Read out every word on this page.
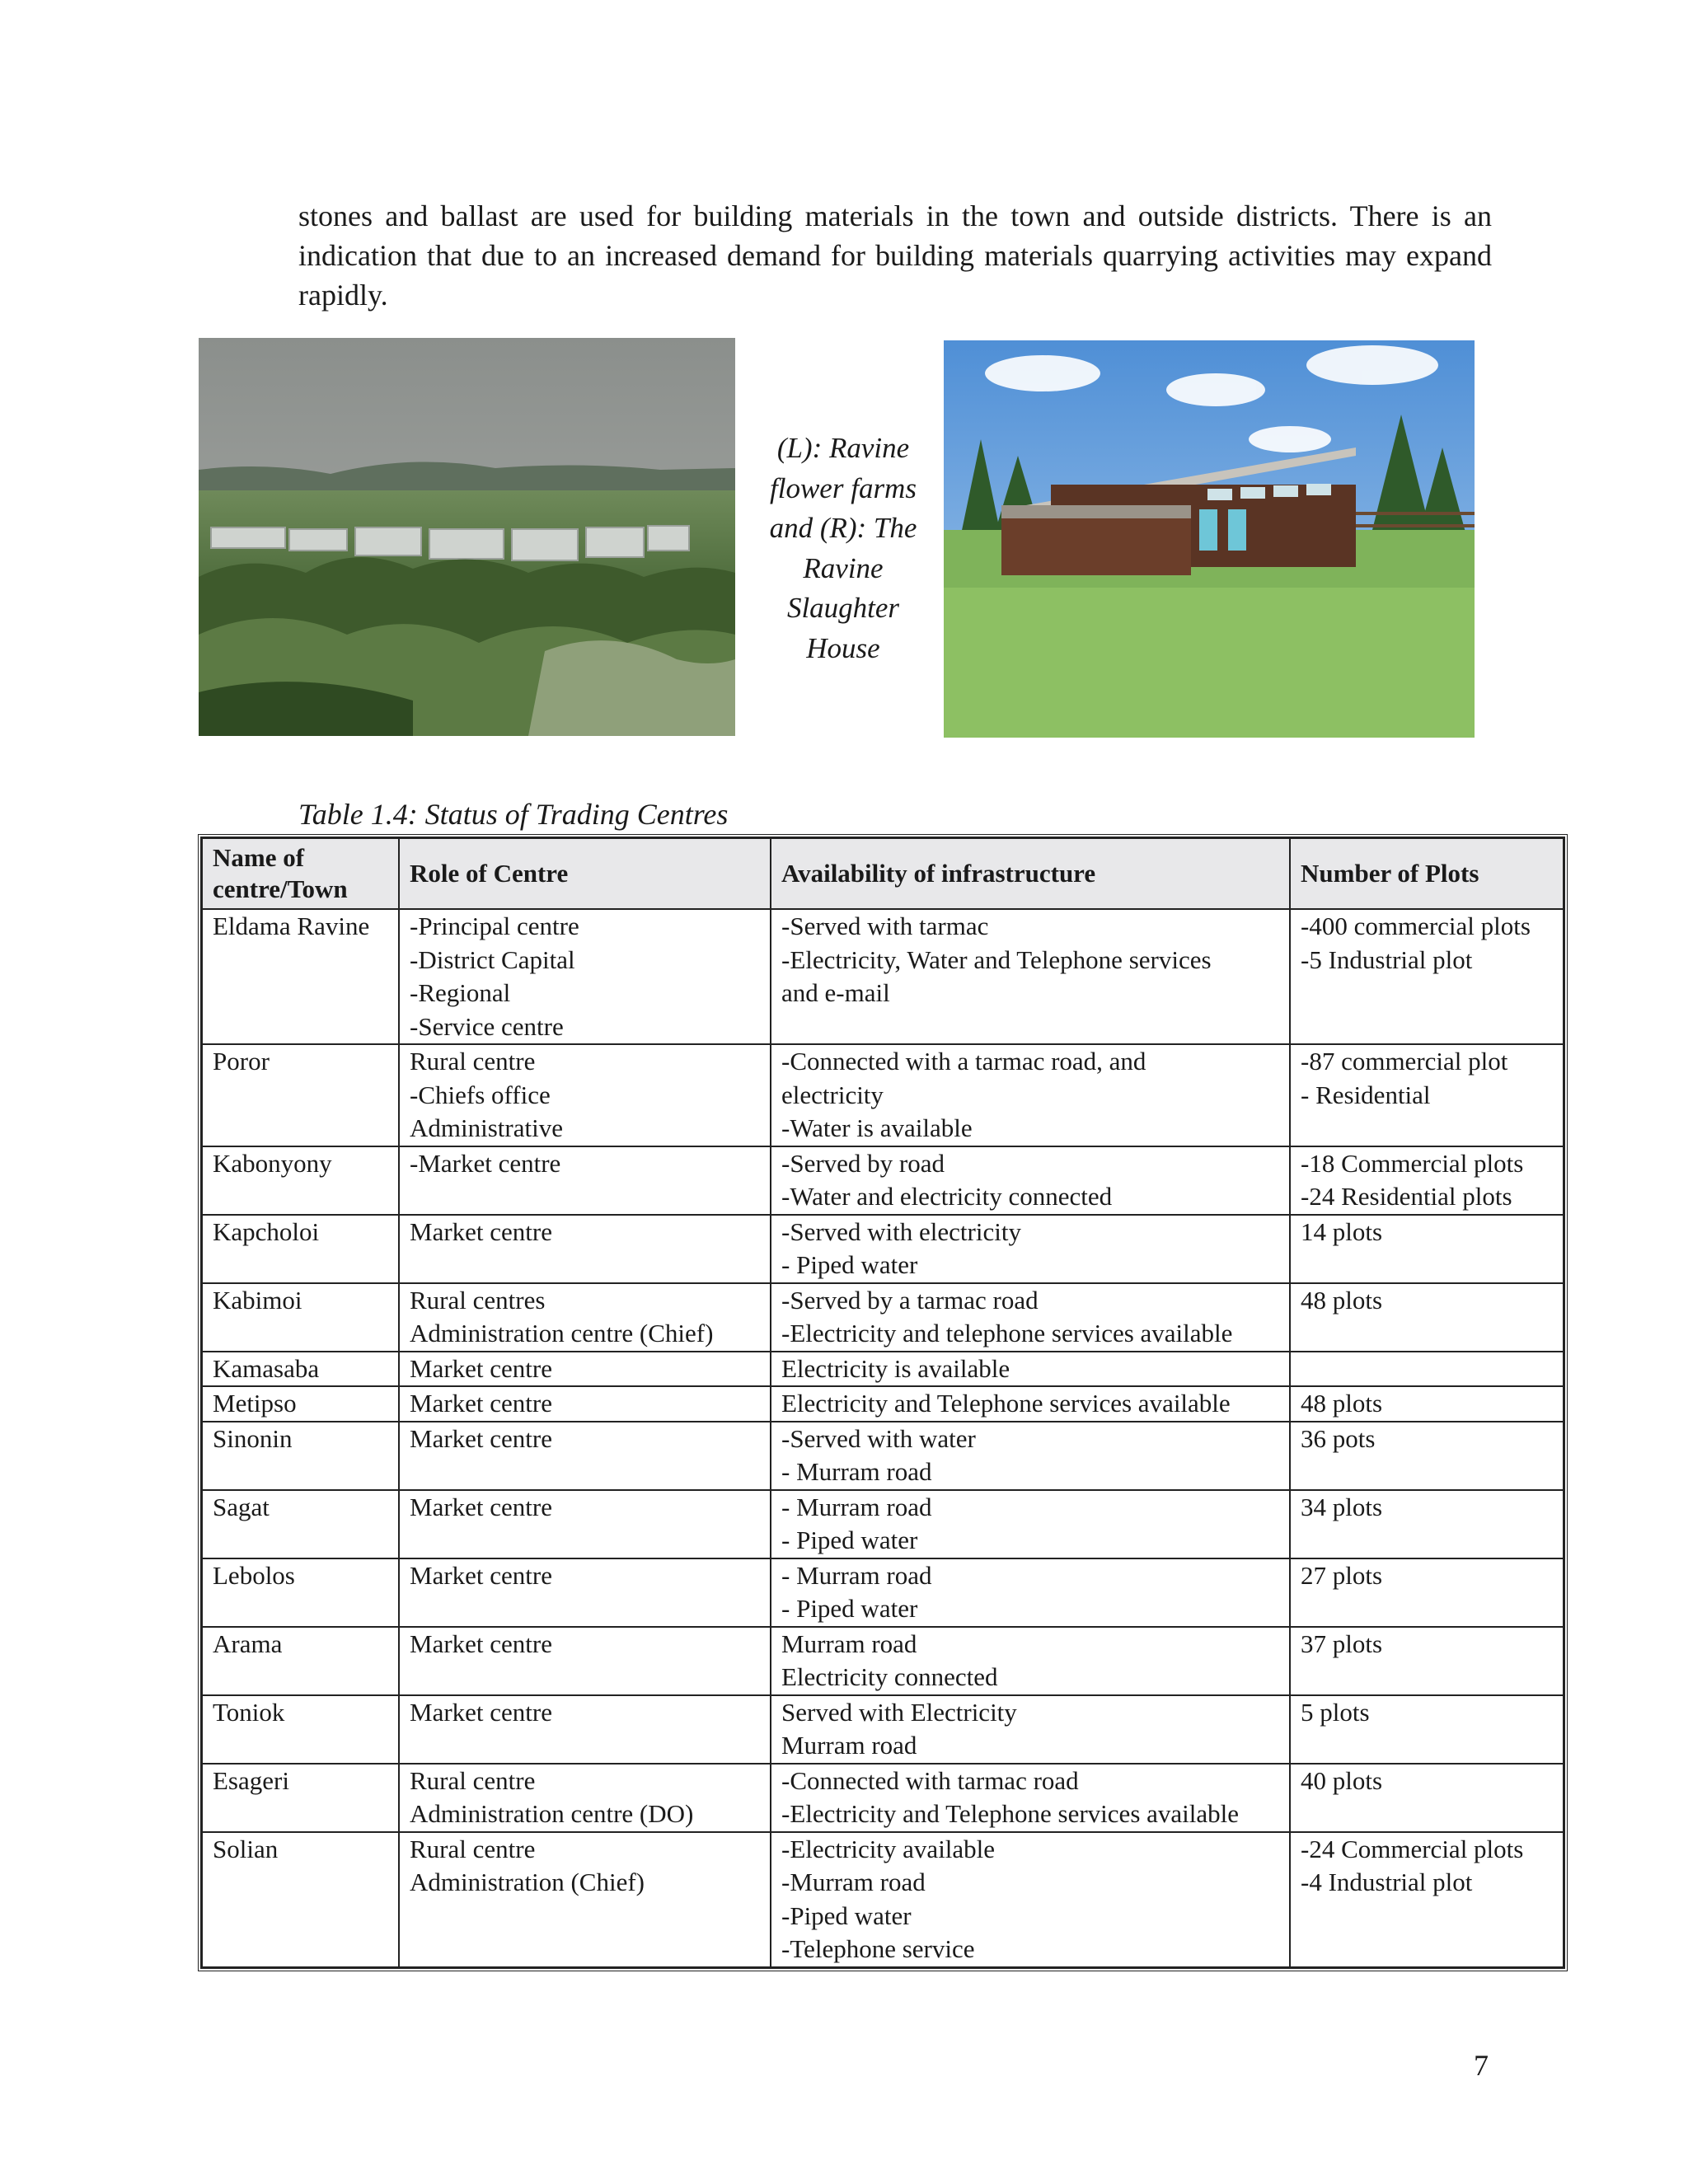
stones and ballast are used for building materials in the town and outside districts. There is an indication that due to an increased demand for building materials quarrying activities may expand rapidly.

(L): Ravine
flower farms
and (R): The
Ravine
Slaughter
House
Table 1.4: Status of Trading Centres
Name of centre/Town	Role of Centre	Availability of infrastructure	Number of Plots

Eldama Ravine	-Principal centre
-District Capital
-Regional
-Service centre	-Served with tarmac
-Electricity, Water and Telephone services
and e-mail	-400 commercial plots
-5 Industrial plot

Poror	Rural centre
-Chiefs office
Administrative	-Connected with a tarmac road, and
electricity
-Water is available	-87 commercial plot
- Residential

Kabonyony	-Market centre	-Served by road
-Water and electricity connected	-18 Commercial plots
-24 Residential plots

Kapcholoi	Market centre	-Served with electricity
- Piped water	14 plots

Kabimoi	Rural centres
Administration centre (Chief)	-Served by a tarmac road
-Electricity and telephone services available	48 plots

Kamasaba	Market centre	Electricity is available	

Metipso	Market centre	Electricity and Telephone services available	48 plots

Sinonin	Market centre	-Served with water
- Murram road	36 pots

Sagat	Market centre	- Murram road
- Piped water	34 plots

Lebolos	Market centre	- Murram road
- Piped water	27 plots

Arama	Market centre	Murram road
Electricity connected	37 plots

Toniok	Market centre	Served with Electricity
Murram road	5 plots

Esageri	Rural centre
Administration centre (DO)	-Connected with tarmac road
-Electricity and Telephone services available	40 plots

Solian	Rural centre
Administration (Chief)	-Electricity available
-Murram road
-Piped water
-Telephone service	-24 Commercial plots
-4 Industrial plot
7
